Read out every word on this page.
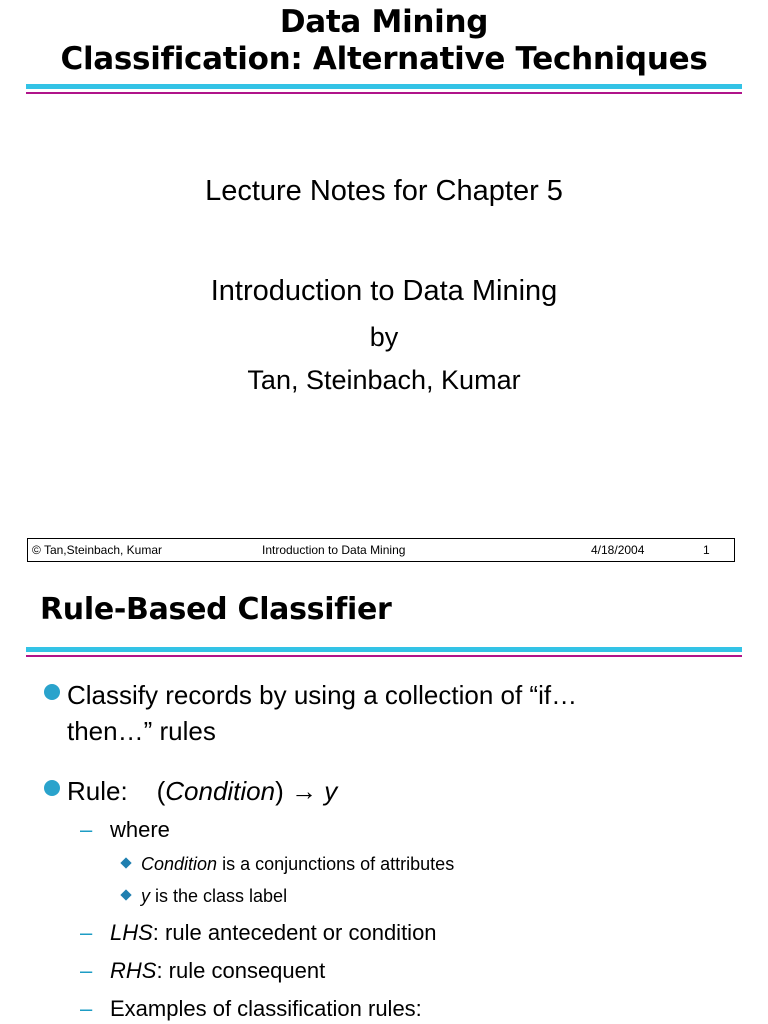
Data Mining
Classification: Alternative Techniques
Lecture Notes for Chapter 5
Introduction to Data Mining
by
Tan, Steinbach, Kumar
© Tan,Steinbach, Kumar	Introduction to Data Mining	4/18/2004	1
Rule-Based Classifier
Classify records by using a collection of “if…
then…” rules
Rule:    (Condition) → y
– where
Condition is a conjunctions of attributes
y is the class label
– LHS: rule antecedent or condition
– RHS: rule consequent
– Examples of classification rules:
